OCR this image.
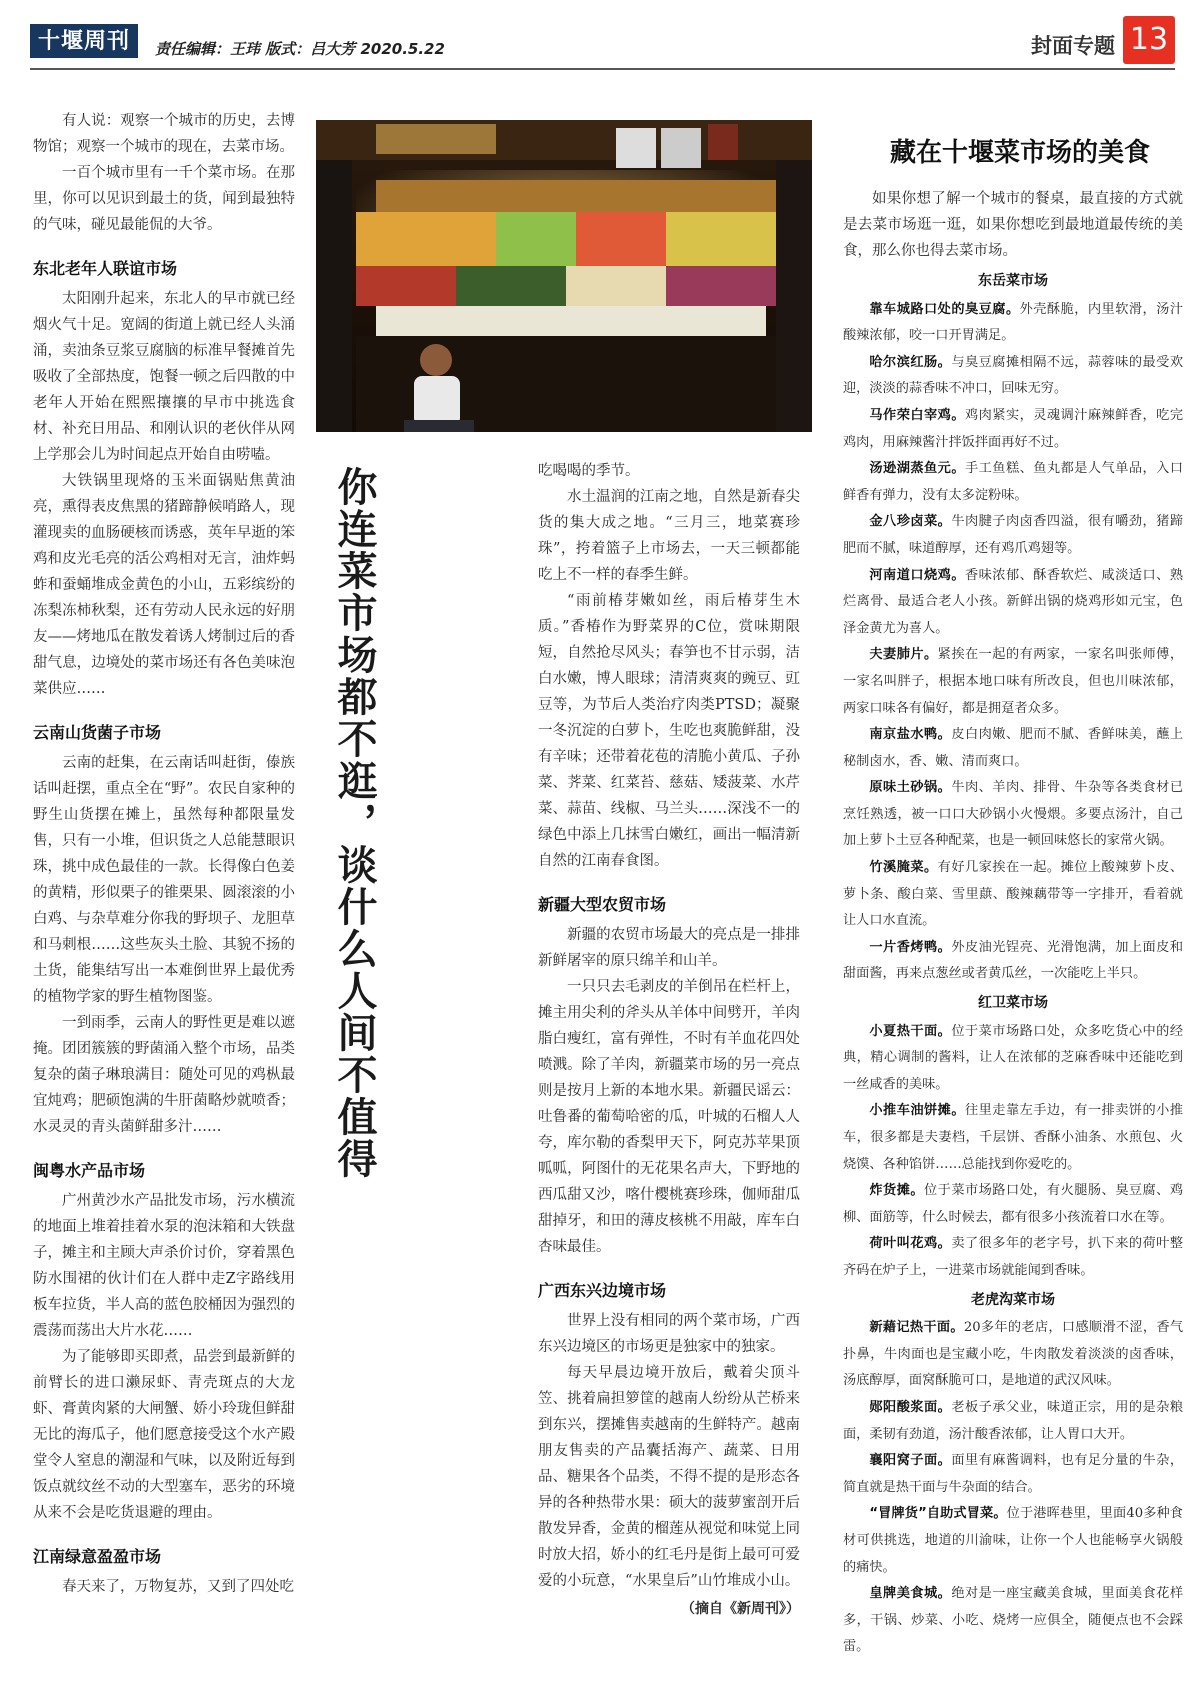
十堰周刊	责任编辑：王玮 版式：吕大芳 2020.5.22	封面专题 13

有人说：观察一个城市的历史，去博物馆；观察一个城市的现在，去菜市场。

一百个城市里有一千个菜市场。在那里，你可以见识到最土的货，闻到最独特的气味，碰见最能侃的大爷。

东北老年人联谊市场

太阳刚升起来，东北人的早市就已经烟火气十足。宽阔的街道上就已经人头涌涌，卖油条豆浆豆腐脑的标准早餐摊首先吸收了全部热度，饱餐一顿之后四散的中老年人开始在熙熙攘攘的早市中挑选食材、补充日用品、和刚认识的老伙伴从网上学那会儿为时间起点开始自由唠嗑。

大铁锅里现烙的玉米面锅贴焦黄油亮，熏得表皮焦黑的猪蹄静候哨路人，现灌现卖的血肠硬核而诱惑，英年早逝的笨鸡和皮光毛亮的活公鸡相对无言，油炸蚂蚱和蚕蛹堆成金黄色的小山，五彩缤纷的冻梨冻柿秋梨，还有劳动人民永远的好朋友——烤地瓜在散发着诱人烤制过后的香甜气息，边境处的菜市场还有各色美味泡菜供应……

云南山货菌子市场

云南的赶集，在云南话叫赶街，傣族话叫赶摆，重点全在“野”。农民自家种的野生山货摆在摊上，虽然每种都限量发售，只有一小堆，但识货之人总能慧眼识珠，挑中成色最佳的一款。长得像白色姜的黄精，形似栗子的锥栗果、圆滚滚的小白鸡、与杂草难分你我的野坝子、龙胆草和马刺根……这些灰头土脸、其貌不扬的土货，能集结写出一本难倒世界上最优秀的植物学家的野生植物图鉴。

一到雨季，云南人的野性更是难以遮掩。团团簇簇的野菌涌入整个市场，品类复杂的菌子琳琅满目：随处可见的鸡枞最宜炖鸡；肥硕饱满的牛肝菌略炒就喷香；水灵灵的青头菌鲜甜多汁……

闽粤水产品市场

广州黄沙水产品批发市场，污水横流的地面上堆着挂着水泵的泡沫箱和大铁盘子，摊主和主顾大声杀价讨价，穿着黑色防水围裙的伙计们在人群中走Z字路线用板车拉货，半人高的蓝色胶桶因为强烈的震荡而荡出大片水花……

为了能够即买即煮，品尝到最新鲜的前臂长的进口濑尿虾、青壳斑点的大龙虾、膏黄肉紧的大闸蟹、娇小玲珑但鲜甜无比的海瓜子，他们愿意接受这个水产殿堂令人窒息的潮湿和气味，以及附近每到饭点就纹丝不动的大型塞车，恶劣的环境从来不会是吃货退避的理由。

江南绿意盈盈市场

春天来了，万物复苏，又到了四处吃

你连菜市场都不逛，谈什么人间不值得	吃喝喝的季节。

水土温润的江南之地，自然是新春尖货的集大成之地。“三月三，地菜赛珍珠”，挎着篮子上市场去，一天三顿都能吃上不一样的春季生鲜。

“雨前椿芽嫩如丝，雨后椿芽生木质。”香椿作为野菜界的C位，赏味期限短，自然抢尽风头；春笋也不甘示弱，洁白水嫩，博人眼球；清清爽爽的豌豆、豇豆等，为节后人类治疗肉类PTSD；凝聚一冬沉淀的白萝卜，生吃也爽脆鲜甜，没有辛味；还带着花苞的清脆小黄瓜、子孙菜、荠菜、红菜苔、慈菇、矮菠菜、水芹菜、蒜苗、线椒、马兰头……深浅不一的绿色中添上几抹雪白嫩红，画出一幅清新自然的江南春食图。

新疆大型农贸市场

新疆的农贸市场最大的亮点是一排排新鲜屠宰的原只绵羊和山羊。

一只只去毛剥皮的羊倒吊在栏杆上，摊主用尖利的斧头从羊体中间劈开，羊肉脂白瘦红，富有弹性，不时有羊血花四处喷溅。除了羊肉，新疆菜市场的另一亮点则是按月上新的本地水果。新疆民谣云：吐鲁番的葡萄哈密的瓜，叶城的石榴人人夸，库尔勒的香梨甲天下，阿克苏苹果顶呱呱，阿图什的无花果名声大，下野地的西瓜甜又沙，喀什樱桃赛珍珠，伽师甜瓜甜掉牙，和田的薄皮核桃不用敲，库车白杏味最佳。

广西东兴边境市场

世界上没有相同的两个菜市场，广西东兴边境区的市场更是独家中的独家。

每天早晨边境开放后，戴着尖顶斗笠、挑着扁担箩筐的越南人纷纷从芒桥来到东兴，摆摊售卖越南的生鲜特产。越南朋友售卖的产品囊括海产、蔬菜、日用品、糖果各个品类，不得不提的是形态各异的各种热带水果：硕大的菠萝蜜剖开后散发异香，金黄的榴莲从视觉和味觉上同时放大招，娇小的红毛丹是街上最可可爱爱的小玩意，“水果皇后”山竹堆成小山。

（摘自《新周刊》）
藏在十堰菜市场的美食

如果你想了解一个城市的餐桌，最直接的方式就是去菜市场逛一逛，如果你想吃到最地道最传统的美食，那么你也得去菜市场。

东岳菜市场

靠车城路口处的臭豆腐。外壳酥脆，内里软滑，汤汁酸辣浓郁，咬一口开胃满足。

哈尔滨红肠。与臭豆腐摊相隔不远，蒜蓉味的最受欢迎，淡淡的蒜香味不冲口，回味无穷。

马作荣白宰鸡。鸡肉紧实，灵魂调汁麻辣鲜香，吃完鸡肉，用麻辣酱汁拌饭拌面再好不过。

汤逊湖蒸鱼元。手工鱼糕、鱼丸都是人气单品，入口鲜香有弹力，没有太多淀粉味。

金八珍卤菜。牛肉腱子肉卤香四溢，很有嚼劲，猪蹄肥而不腻，味道醇厚，还有鸡爪鸡翅等。

河南道口烧鸡。香味浓郁、酥香软烂、咸淡适口、熟烂离骨、最适合老人小孩。新鲜出锅的烧鸡形如元宝，色泽金黄尤为喜人。

夫妻肺片。紧挨在一起的有两家，一家名叫张师傅，一家名叫胖子，根据本地口味有所改良，但也川味浓郁，两家口味各有偏好，都是拥趸者众多。

南京盐水鸭。皮白肉嫩、肥而不腻、香鲜味美，蘸上秘制卤水，香、嫩、清而爽口。

原味土砂锅。牛肉、羊肉、排骨、牛杂等各类食材已烹饪熟透，被一口口大砂锅小火慢煨。多要点汤汁，自己加上萝卜土豆各种配菜，也是一顿回味悠长的家常火锅。

竹溪腌菜。有好几家挨在一起。摊位上酸辣萝卜皮、萝卜条、酸白菜、雪里蕻、酸辣藕带等一字排开，看着就让人口水直流。

一片香烤鸭。外皮油光锃亮、光滑饱满，加上面皮和甜面酱，再来点葱丝或者黄瓜丝，一次能吃上半只。

红卫菜市场

小夏热干面。位于菜市场路口处，众多吃货心中的经典，精心调制的酱料，让人在浓郁的芝麻香味中还能吃到一丝咸香的美味。

小推车油饼摊。往里走靠左手边，有一排卖饼的小推车，很多都是夫妻档，千层饼、香酥小油条、水煎包、火烧馍、各种馅饼……总能找到你爱吃的。

炸货摊。位于菜市场路口处，有火腿肠、臭豆腐、鸡柳、面筋等，什么时候去，都有很多小孩流着口水在等。

荷叶叫花鸡。卖了很多年的老字号，扒下来的荷叶整齐码在炉子上，一进菜市场就能闻到香味。

老虎沟菜市场

新藉记热干面。20多年的老店，口感顺滑不涩，香气扑鼻，牛肉面也是宝藏小吃，牛肉散发着淡淡的卤香味，汤底醇厚，面窝酥脆可口，是地道的武汉风味。

郧阳酸浆面。老板子承父业，味道正宗，用的是杂粮面，柔韧有劲道，汤汁酸香浓郁，让人胃口大开。

襄阳窝子面。面里有麻酱调料，也有足分量的牛杂，简直就是热干面与牛杂面的结合。

“冒牌货”自助式冒菜。位于港晖巷里，里面40多种食材可供挑选，地道的川渝味，让你一个人也能畅享火锅般的痛快。

皇牌美食城。绝对是一座宝藏美食城，里面美食花样多，干锅、炒菜、小吃、烧烤一应俱全，随便点也不会踩雷。
